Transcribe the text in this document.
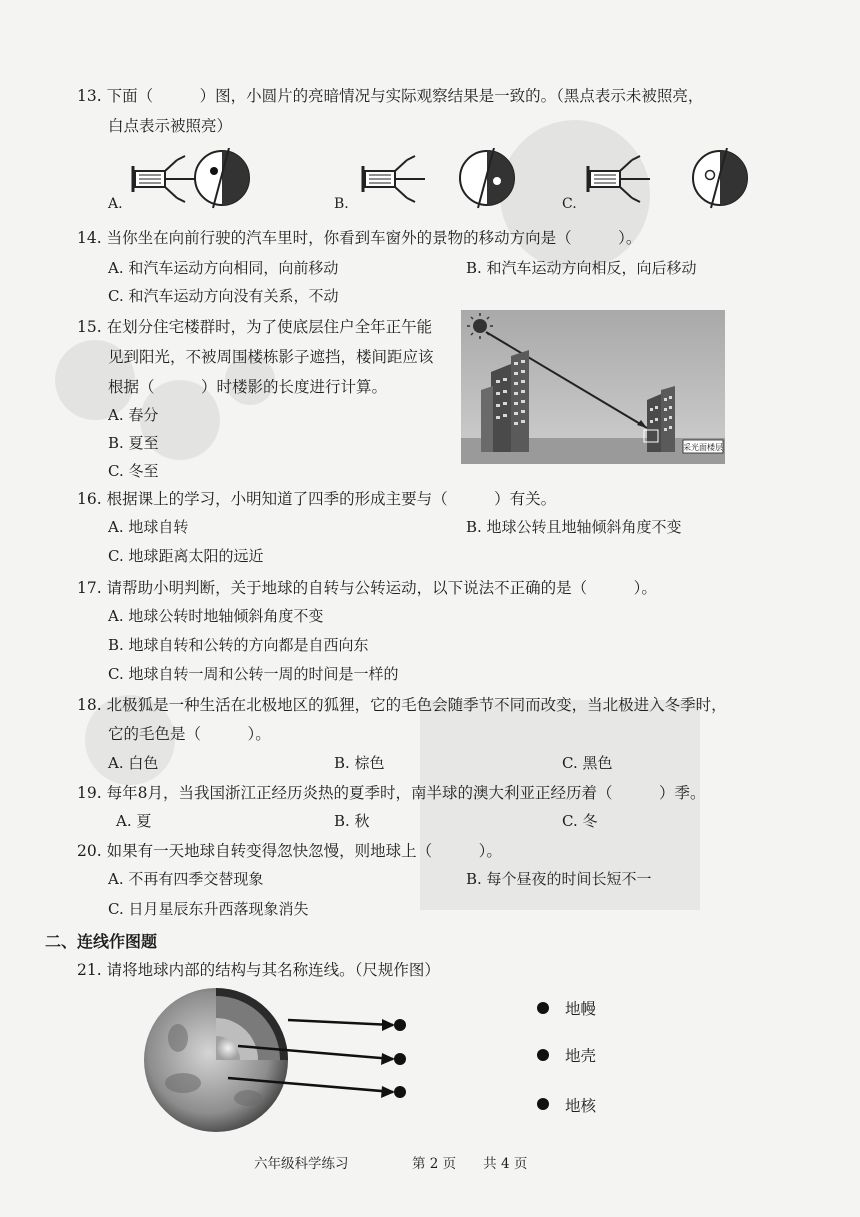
13. 下面（　　　）图，小圆片的亮暗情况与实际观察结果是一致的。（黑点表示未被照亮，
白点表示被照亮）
A.	B.	C.
14. 当你坐在向前行驶的汽车里时，你看到车窗外的景物的移动方向是（　　　）。
A. 和汽车运动方向相同，向前移动	B. 和汽车运动方向相反，向后移动
C. 和汽车运动方向没有关系，不动
15. 在划分住宅楼群时，为了使底层住户全年正午能
见到阳光，不被周围楼栋影子遮挡，楼间距应该
根据（　　　）时楼影的长度进行计算。
A. 春分
B. 夏至
C. 冬至
采光面楼层
16. 根据课上的学习，小明知道了四季的形成主要与（　　　）有关。
A. 地球自转	B. 地球公转且地轴倾斜角度不变
C. 地球距离太阳的远近
17. 请帮助小明判断，关于地球的自转与公转运动，以下说法不正确的是（　　　）。
A. 地球公转时地轴倾斜角度不变
B. 地球自转和公转的方向都是自西向东
C. 地球自转一周和公转一周的时间是一样的
18. 北极狐是一种生活在北极地区的狐狸，它的毛色会随季节不同而改变，当北极进入冬季时，
它的毛色是（　　　）。
A. 白色	B. 棕色	C. 黑色
19. 每年8月，当我国浙江正经历炎热的夏季时，南半球的澳大利亚正经历着（　　　）季。
A. 夏	B. 秋	C. 冬
20. 如果有一天地球自转变得忽快忽慢，则地球上（　　　）。
A. 不再有四季交替现象	B. 每个昼夜的时间长短不一
C. 日月星辰东升西落现象消失
二、连线作图题
21. 请将地球内部的结构与其名称连线。（尺规作图）
地幔
地壳
地核
六年级科学练习	第 2 页　　共 4 页
